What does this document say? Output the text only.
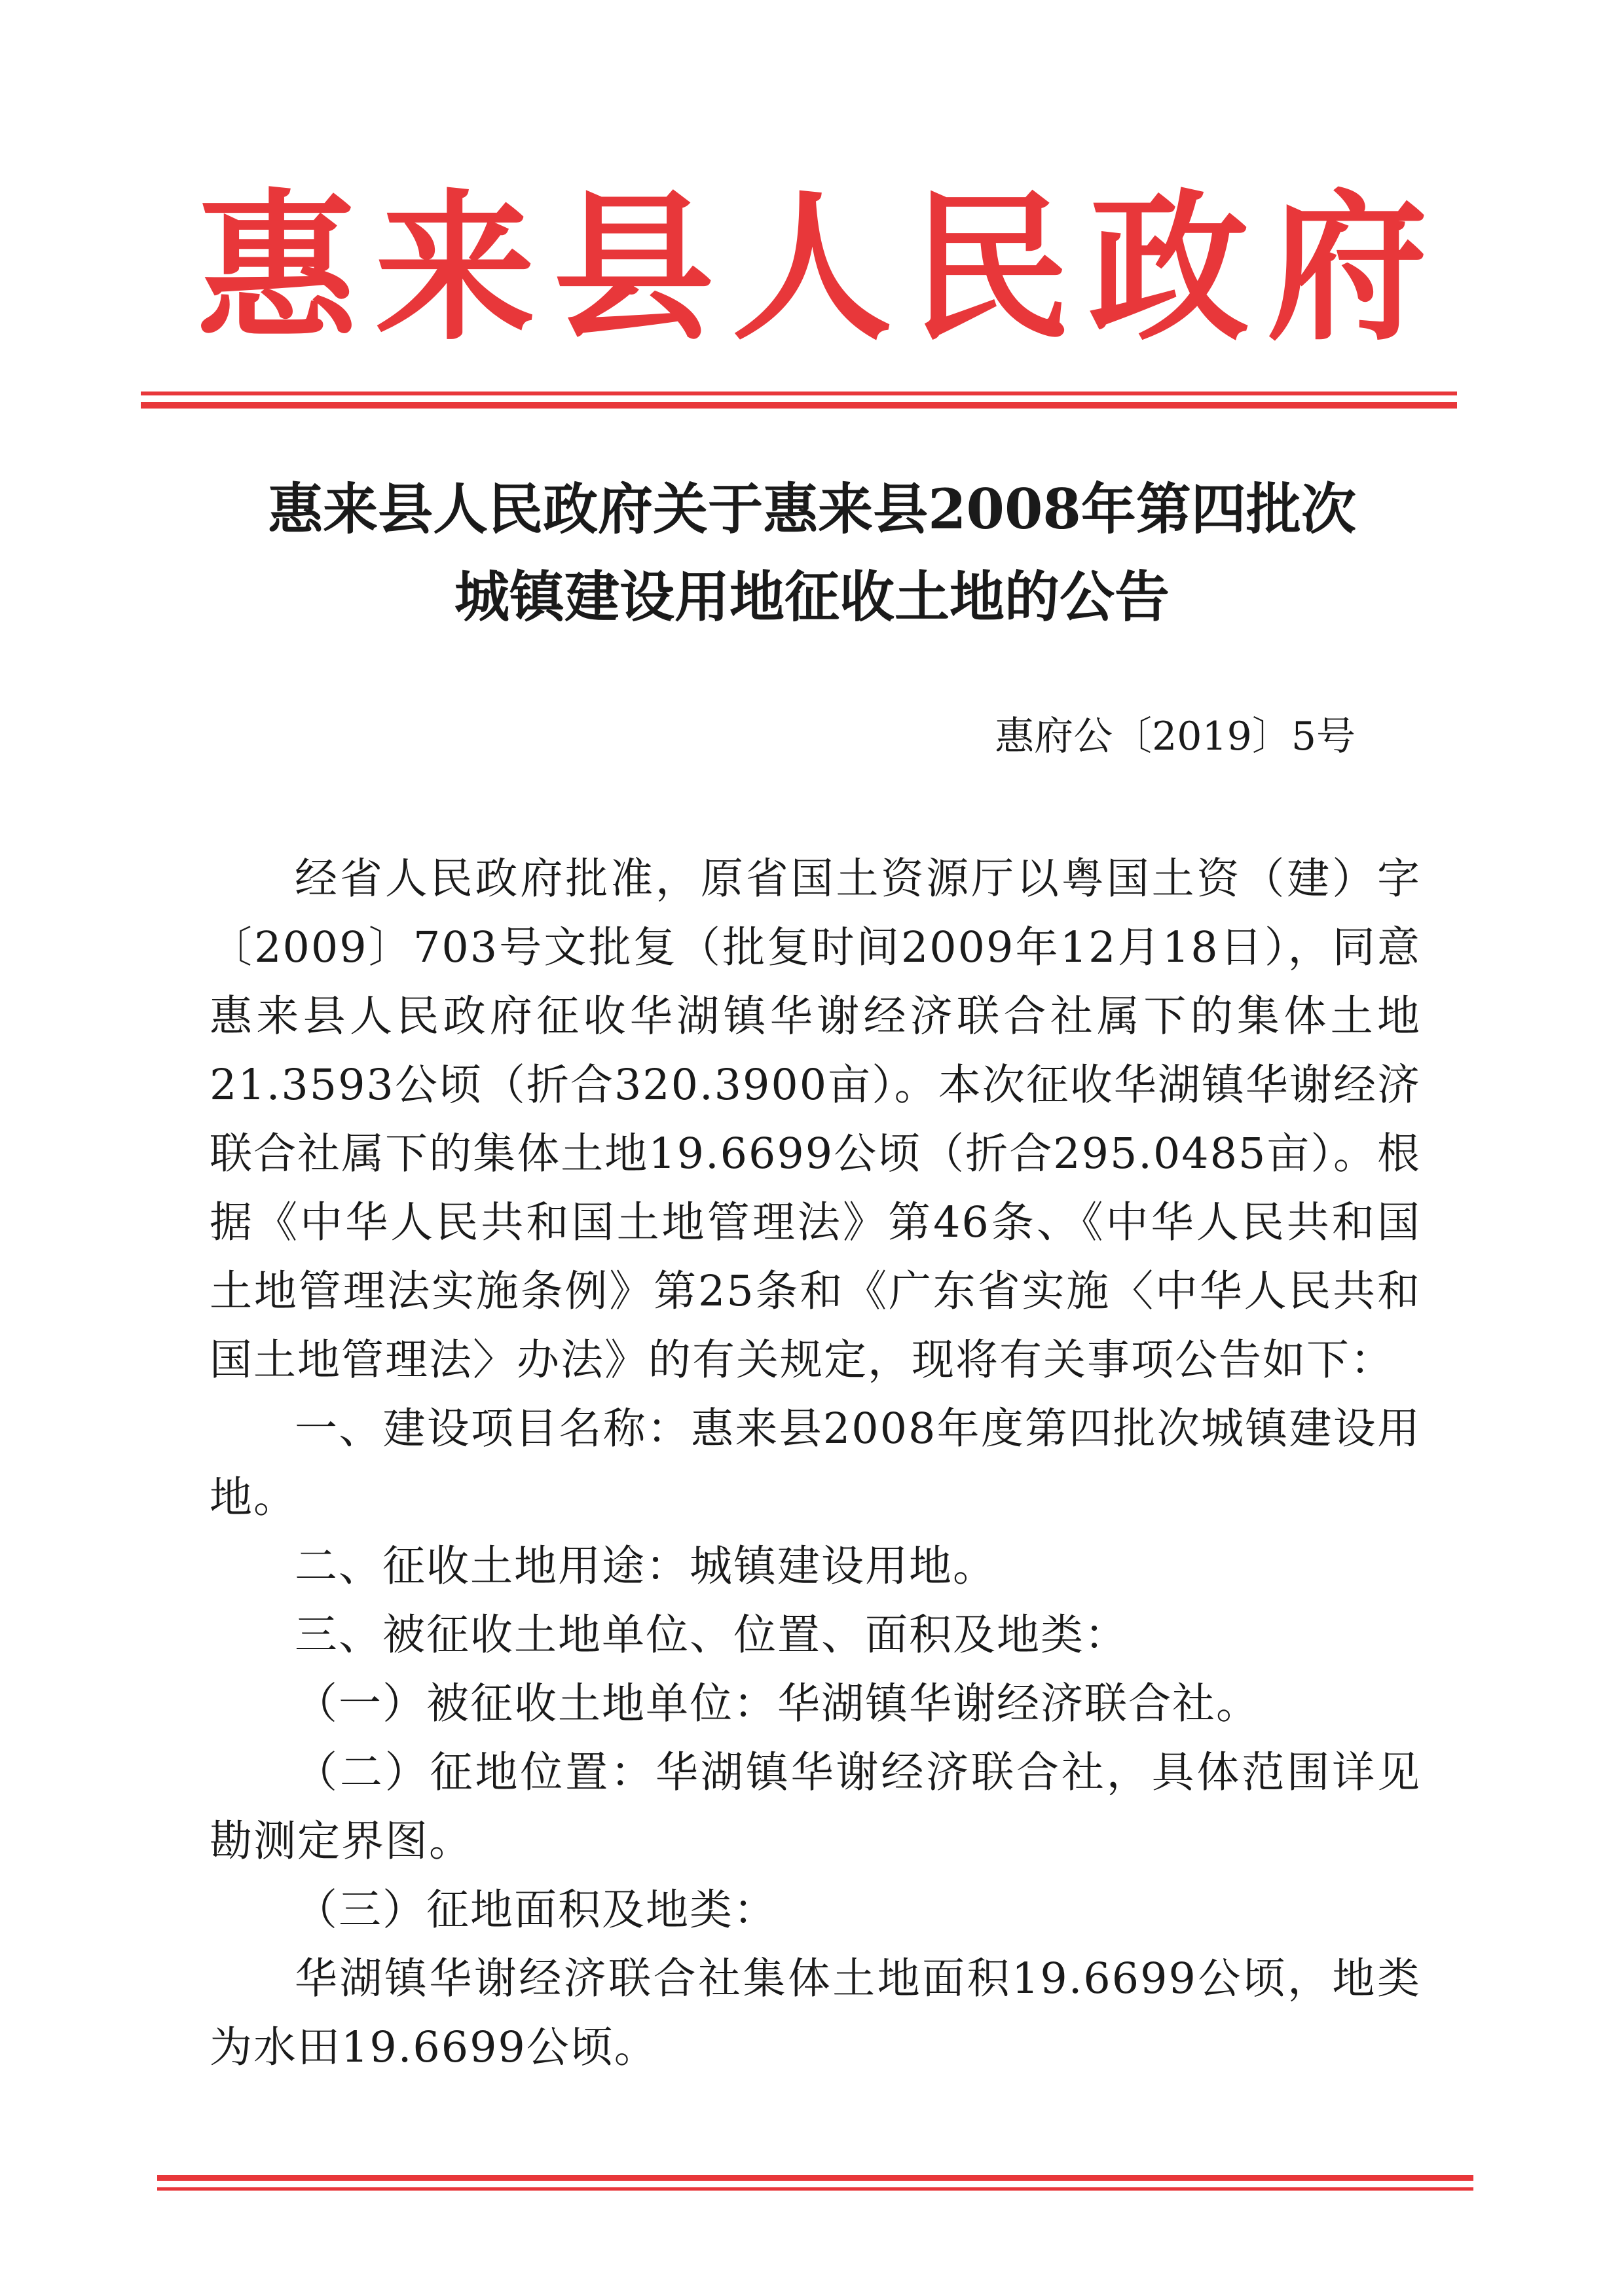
惠 来 县 人 民 政 府
惠来县人民政府关于惠来县2008年第四批次
城镇建设用地征收土地的公告
惠府公〔2019〕5号

经省人民政府批准，原省国土资源厅以粤国土资（建）字〔2009〕703号文批复（批复时间2009年12月18日），同意惠来县人民政府征收华湖镇华谢经济联合社属下的集体土地21.3593公顷（折合320.3900亩）。本次征收华湖镇华谢经济联合社属下的集体土地19.6699公顷（折合295.0485亩）。根据《中华人民共和国土地管理法》第46条、《中华人民共和国土地管理法实施条例》第25条和《广东省实施〈中华人民共和国土地管理法〉办法》的有关规定，现将有关事项公告如下：

一、建设项目名称：惠来县2008年度第四批次城镇建设用地。

二、征收土地用途：城镇建设用地。

三、被征收土地单位、位置、面积及地类：

（一）被征收土地单位：华湖镇华谢经济联合社。

（二）征地位置：华湖镇华谢经济联合社，具体范围详见勘测定界图。

（三）征地面积及地类：

华湖镇华谢经济联合社集体土地面积19.6699公顷，地类为水田19.6699公顷。
